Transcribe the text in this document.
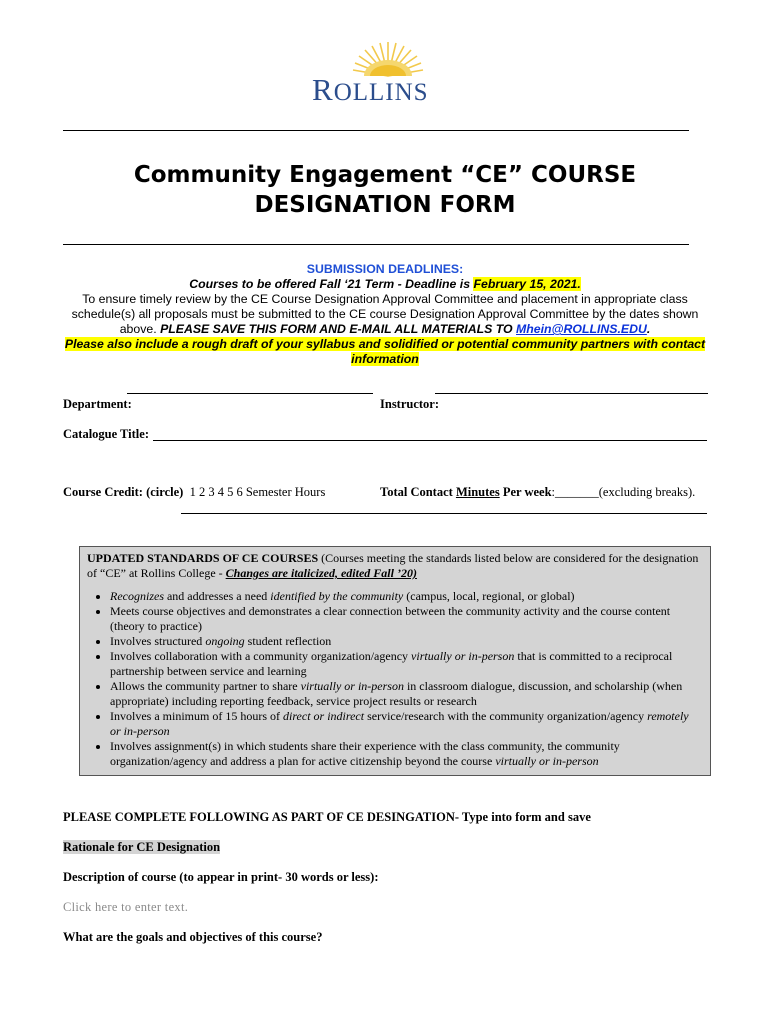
ROLLINS
Community Engagement “CE” COURSE
DESIGNATION FORM
SUBMISSION DEADLINES:
Courses to be offered Fall ‘21 Term - Deadline is February 15, 2021.
To ensure timely review by the CE Course Designation Approval Committee and placement in appropriate class schedule(s) all proposals must be submitted to the CE course Designation Approval Committee by the dates shown above. PLEASE SAVE THIS FORM AND E-MAIL ALL MATERIALS TO Mhein@ROLLINS.EDU.
Please also include a rough draft of your syllabus and solidified or potential community partners with contact information
Department:	Instructor:
Catalogue Title:
Course Credit: (circle) 1 2 3 4 5 6 Semester Hours	Total Contact Minutes Per week:_______(excluding breaks).
UPDATED STANDARDS OF CE COURSES (Courses meeting the standards listed below are considered for the designation of “CE” at Rollins College - Changes are italicized, edited Fall ’20)
• Recognizes and addresses a need identified by the community (campus, local, regional, or global)
• Meets course objectives and demonstrates a clear connection between the community activity and the course content (theory to practice)
• Involves structured ongoing student reflection
• Involves collaboration with a community organization/agency virtually or in-person that is committed to a reciprocal partnership between service and learning
• Allows the community partner to share virtually or in-person in classroom dialogue, discussion, and scholarship (when appropriate) including reporting feedback, service project results or research
• Involves a minimum of 15 hours of direct or indirect service/research with the community organization/agency remotely or in-person
• Involves assignment(s) in which students share their experience with the class community, the community organization/agency and address a plan for active citizenship beyond the course virtually or in-person
PLEASE COMPLETE FOLLOWING AS PART OF CE DESINGATION- Type into form and save
Rationale for CE Designation
Description of course (to appear in print- 30 words or less):
Click here to enter text.
What are the goals and objectives of this course?
